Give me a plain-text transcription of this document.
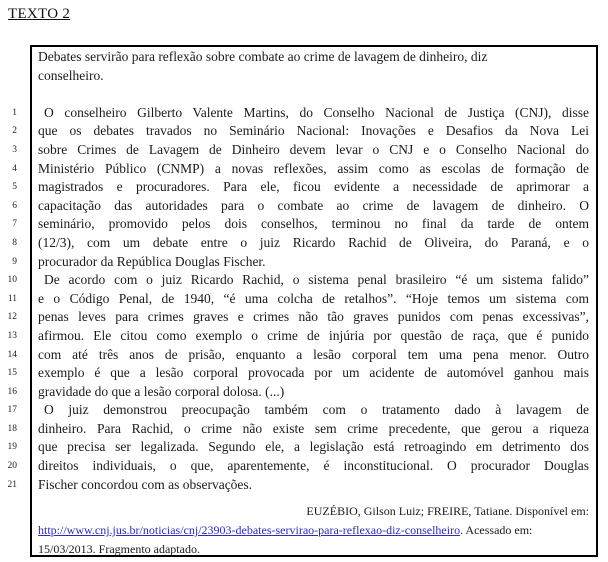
TEXTO 2
Debates servirão para reflexão sobre combate ao crime de lavagem de dinheiro, diz
conselheiro.
1	O conselheiro Gilberto Valente Martins, do Conselho Nacional de Justiça (CNJ), disse
2	que os debates travados no Seminário Nacional: Inovações e Desafios da Nova Lei
3	sobre Crimes de Lavagem de Dinheiro devem levar o CNJ e o Conselho Nacional do
4	Ministério Público (CNMP) a novas reflexões, assim como as escolas de formação de
5	magistrados e procuradores. Para ele, ficou evidente a necessidade de aprimorar a
6	capacitação das autoridades para o combate ao crime de lavagem de dinheiro. O
7	seminário, promovido pelos dois conselhos, terminou no final da tarde de ontem
8	(12/3), com um debate entre o juiz Ricardo Rachid de Oliveira, do Paraná, e o
9	procurador da República Douglas Fischer.
10	De acordo com o juiz Ricardo Rachid, o sistema penal brasileiro “é um sistema falido”
11	e o Código Penal, de 1940, “é uma colcha de retalhos”. “Hoje temos um sistema com
12	penas leves para crimes graves e crimes não tão graves punidos com penas excessivas”,
13	afirmou. Ele citou como exemplo o crime de injúria por questão de raça, que é punido
14	com até três anos de prisão, enquanto a lesão corporal tem uma pena menor. Outro
15	exemplo é que a lesão corporal provocada por um acidente de automóvel ganhou mais
16	gravidade do que a lesão corporal dolosa. (...)
17	O juiz demonstrou preocupação também com o tratamento dado à lavagem de
18	dinheiro. Para Rachid, o crime não existe sem crime precedente, que gerou a riqueza
19	que precisa ser legalizada. Segundo ele, a legislação está retroagindo em detrimento dos
20	direitos individuais, o que, aparentemente, é inconstitucional. O procurador Douglas
21	Fischer concordou com as observações.
EUZÉBIO, Gilson Luiz; FREIRE, Tatiane. Disponível em:
http://www.cnj.jus.br/noticias/cnj/23903-debates-servirao-para-reflexao-diz-conselheiro. Acessado em:
15/03/2013. Fragmento adaptado.
